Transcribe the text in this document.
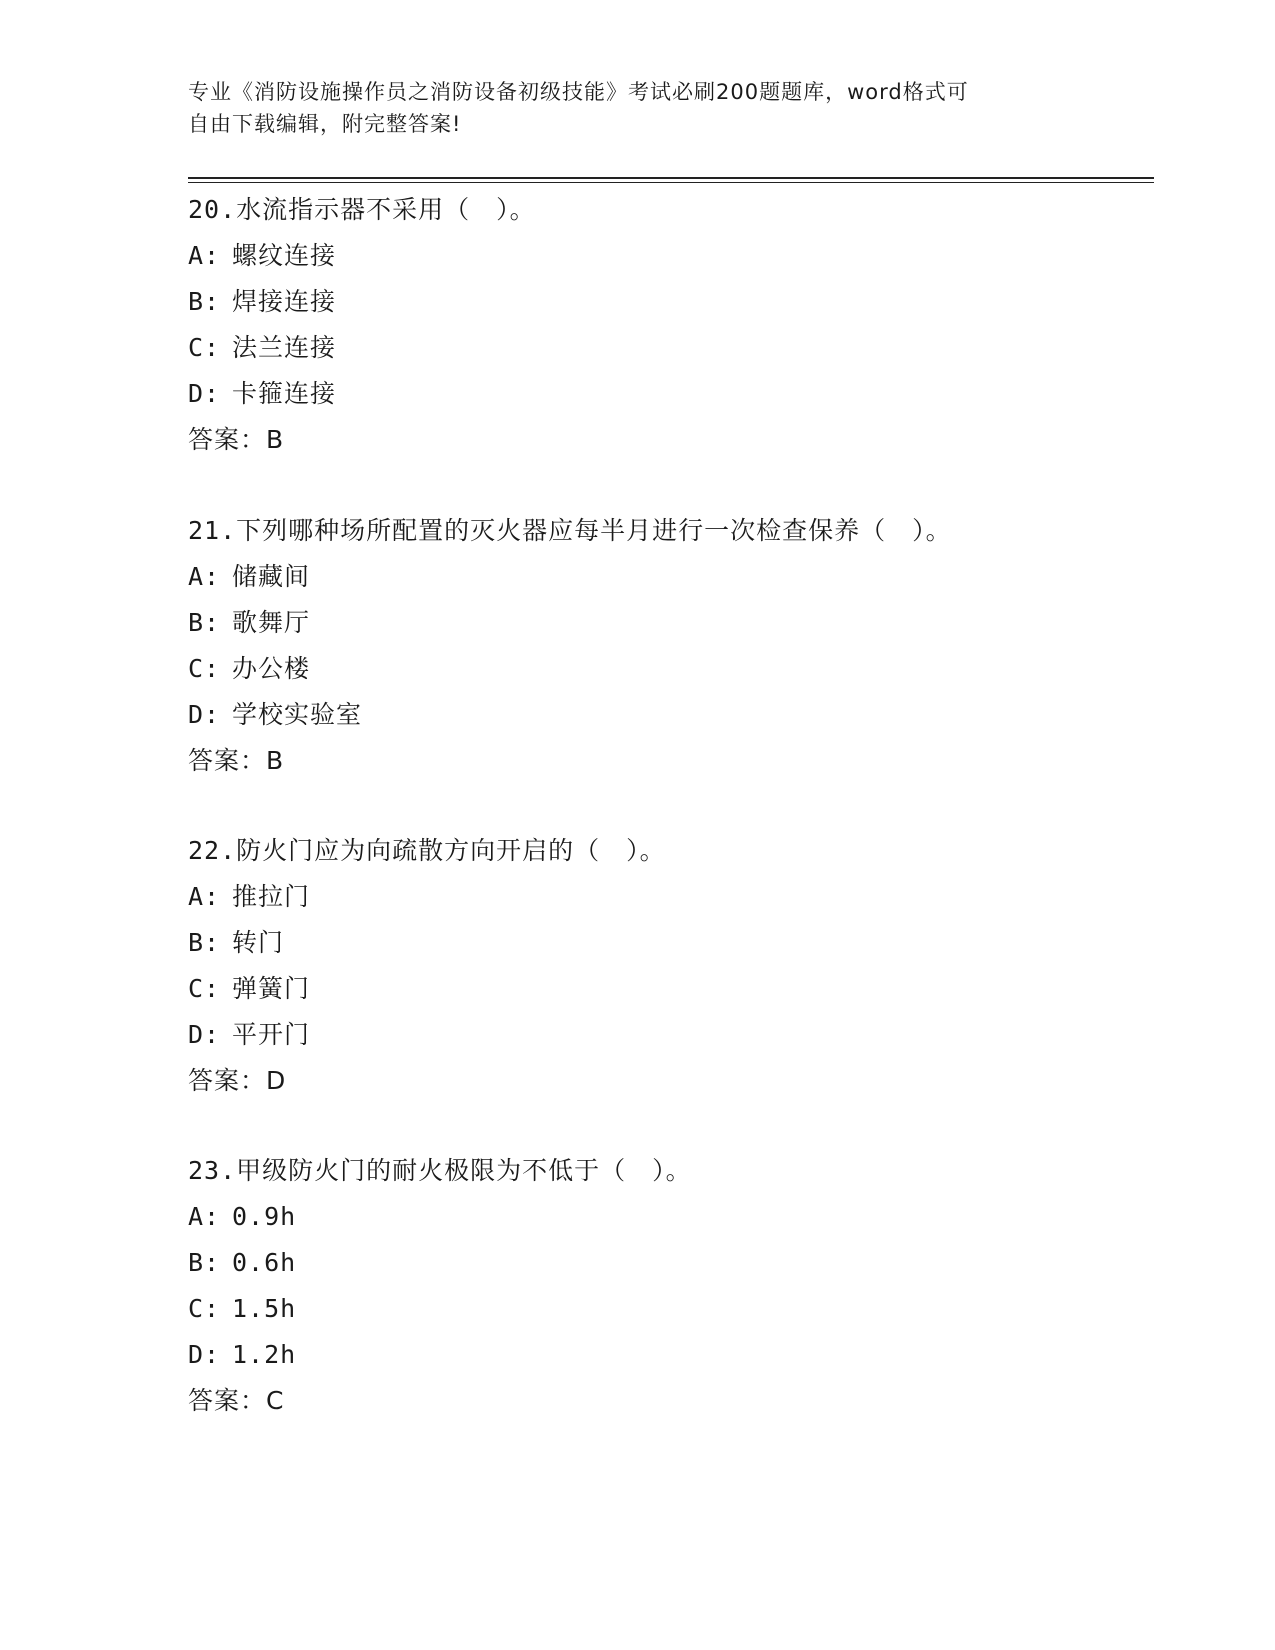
专业《消防设施操作员之消防设备初级技能》考试必刷200题题库，word格式可
自由下载编辑，附完整答案!
20.水流指示器不采用（　）。
A: 螺纹连接
B: 焊接连接
C: 法兰连接
D: 卡箍连接
答案：B
21.下列哪种场所配置的灭火器应每半月进行一次检查保养（　）。
A: 储藏间
B: 歌舞厅
C: 办公楼
D: 学校实验室
答案：B
22.防火门应为向疏散方向开启的（　）。
A: 推拉门
B: 转门
C: 弹簧门
D: 平开门
答案：D
23.甲级防火门的耐火极限为不低于（　）。
A: 0.9h
B: 0.6h
C: 1.5h
D: 1.2h
答案：C
